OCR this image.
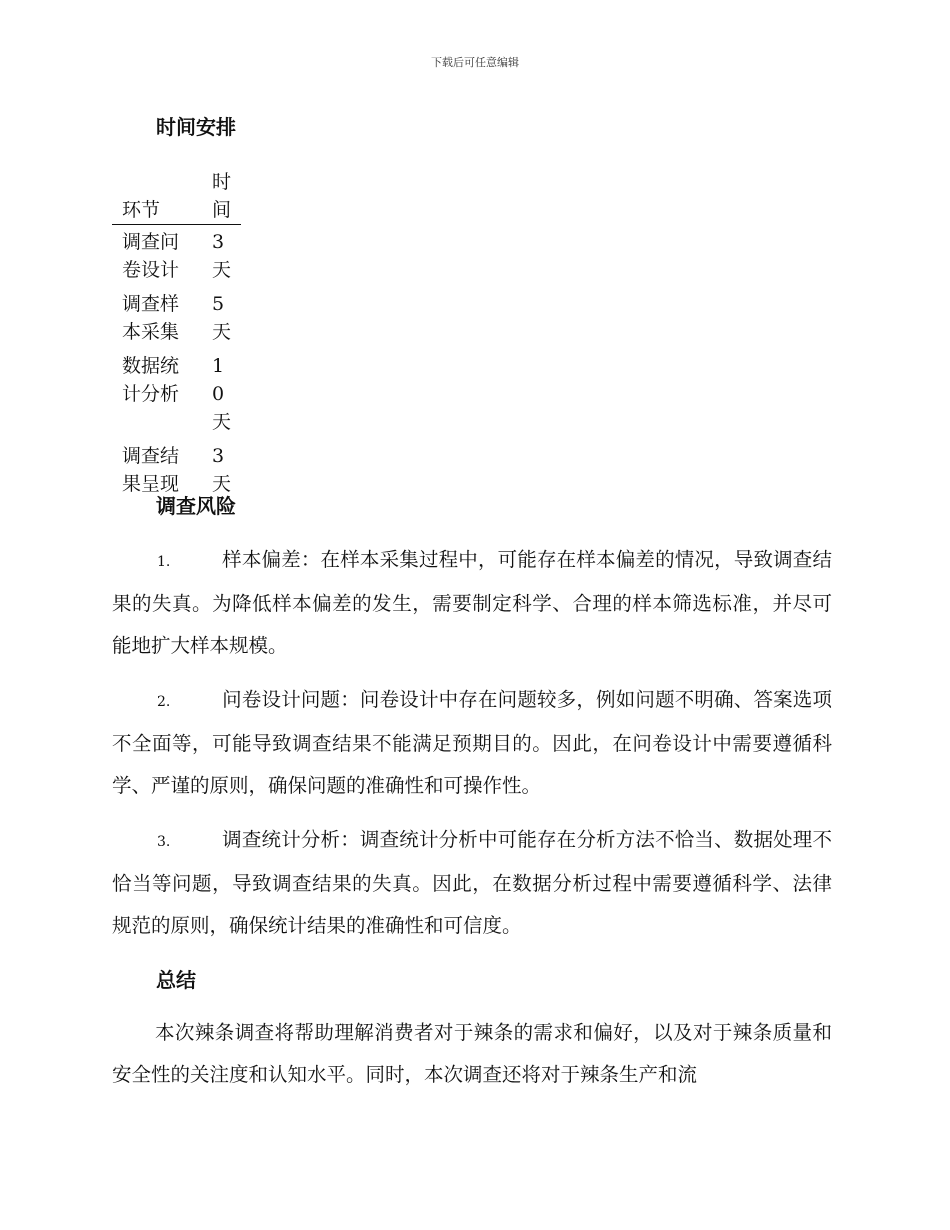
下载后可任意编辑
时间安排
环节	时间

调查问卷设计	3天

调查样本采集	5天

数据统计分析	10天

调查结果呈现	3天
调查风险

1.	样本偏差：在样本采集过程中，可能存在样本偏差的情况，导致调查结果的失真。为降低样本偏差的发生，需要制定科学、合理的样本筛选标准，并尽可能地扩大样本规模。

2.	问卷设计问题：问卷设计中存在问题较多，例如问题不明确、答案选项不全面等，可能导致调查结果不能满足预期目的。因此，在问卷设计中需要遵循科学、严谨的原则，确保问题的准确性和可操作性。

3.	调查统计分析：调查统计分析中可能存在分析方法不恰当、数据处理不恰当等问题，导致调查结果的失真。因此，在数据分析过程中需要遵循科学、法律规范的原则，确保统计结果的准确性和可信度。

总结

本次辣条调查将帮助理解消费者对于辣条的需求和偏好，以及对于辣条质量和安全性的关注度和认知水平。同时，本次调查还将对于辣条生产和流
